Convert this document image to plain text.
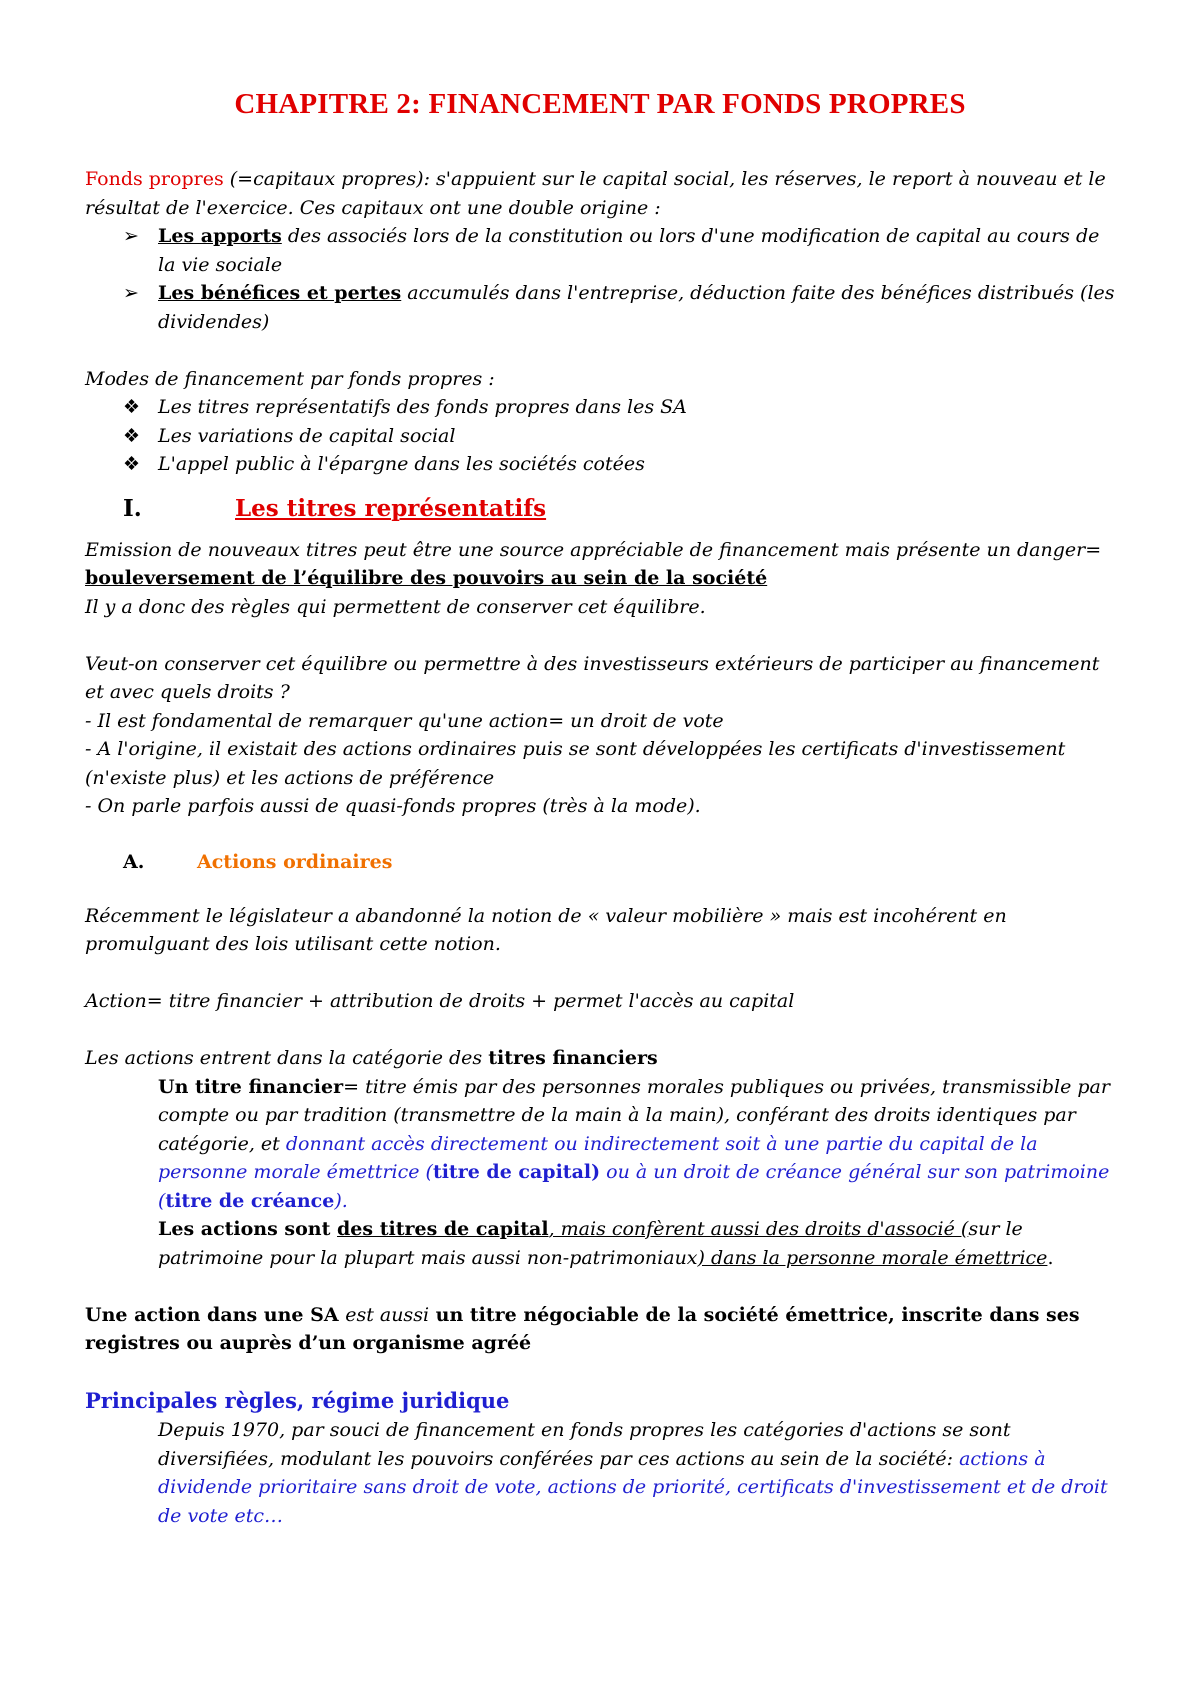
CHAPITRE 2: FINANCEMENT PAR FONDS PROPRES

Fonds propres (=capitaux propres): s'appuient sur le capital social, les réserves, le report à nouveau et le résultat de l'exercice. Ces capitaux ont une double origine :

➢ Les apports des associés lors de la constitution ou lors d'une modification de capital au cours de la vie sociale
➢ Les bénéfices et pertes accumulés dans l'entreprise, déduction faite des bénéfices distribués (les dividendes)

Modes de financement par fonds propres :

❖ Les titres représentatifs des fonds propres dans les SA
❖ Les variations de capital social
❖ L'appel public à l'épargne dans les sociétés cotées
I.	Les titres représentatifs

Emission de nouveaux titres peut être une source appréciable de financement mais présente un danger= bouleversement de l’équilibre des pouvoirs au sein de la société

Il y a donc des règles qui permettent de conserver cet équilibre.

Veut-on conserver cet équilibre ou permettre à des investisseurs extérieurs de participer au financement et avec quels droits ?

- Il est fondamental de remarquer qu'une action= un droit de vote

- A l'origine, il existait des actions ordinaires puis se sont développées les certificats d'investissement (n'existe plus) et les actions de préférence

- On parle parfois aussi de quasi-fonds propres (très à la mode).

A.	Actions ordinaires

Récemment le législateur a abandonné la notion de « valeur mobilière » mais est incohérent en promulguant des lois utilisant cette notion.

Action= titre financier + attribution de droits + permet l'accès au capital

Les actions entrent dans la catégorie des titres financiers

Un titre financier= titre émis par des personnes morales publiques ou privées, transmissible par compte ou par tradition (transmettre de la main à la main), conférant des droits identiques par catégorie, et donnant accès directement ou indirectement soit à une partie du capital de la personne morale émettrice (titre de capital) ou à un droit de créance général sur son patrimoine (titre de créance).
Les actions sont des titres de capital, mais confèrent aussi des droits d'associé (sur le patrimoine pour la plupart mais aussi non-patrimoniaux) dans la personne morale émettrice.

Une action dans une SA est aussi un titre négociable de la société émettrice, inscrite dans ses registres ou auprès d’un organisme agréé

Principales règles, régime juridique

Depuis 1970, par souci de financement en fonds propres les catégories d'actions se sont diversifiées, modulant les pouvoirs conférées par ces actions au sein de la société: actions à dividende prioritaire sans droit de vote, actions de priorité, certificats d'investissement et de droit de vote etc…
